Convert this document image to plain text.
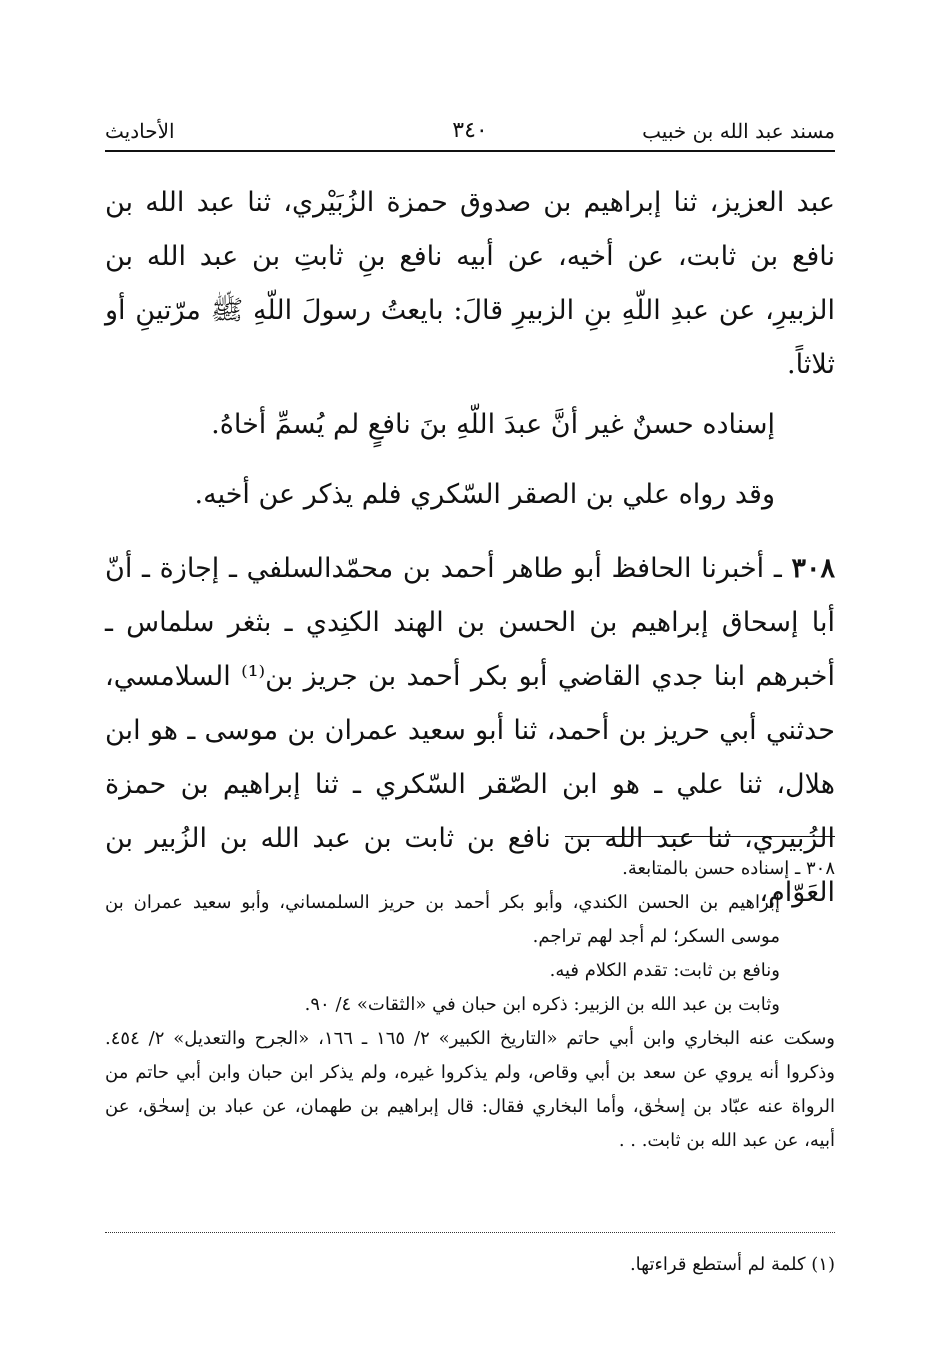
مسند عبد الله بن خبيب
٣٤٠
الأحاديث

عبد العزيز، ثنا إبراهيم بن صدوق حمزة الزُبَيْري، ثنا عبد الله بن نافع بن ثابت، عن أخيه، عن أبيه نافع بنِ ثابتِ بن عبد الله بن الزبيرِ، عن عبدِ اللّهِ بنِ الزبيرِ قالَ: بايعتُ رسولَ اللّهِ ﷺ مرّتينِ أو ثلاثاً.

إسناده حسنٌ غير أنَّ عبدَ اللّهِ بنَ نافعٍ لم يُسمِّ أخاهُ.

وقد رواه علي بن الصقر السّكري فلم يذكر عن أخيه.

٣٠٨ ـ أخبرنا الحافظ أبو طاهر أحمد بن محمّدالسلفي ـ إجازة ـ أنّ أبا إسحاق إبراهيم بن الحسن بن الهند الكنِدي ـ بثغر سلماس ـ أخبرهم ابنا جدي القاضي أبو بكر أحمد بن جريز بن⁽¹⁾ السلامسي، حدثني أبي حريز بن أحمد، ثنا أبو سعيد عمران بن موسى ـ هو ابن هلال، ثنا علي ـ هو ابن الصّقر السّكري ـ ثنا إبراهيم بن حمزة الزُبيري، ثنا عبد الله بن نافع بن ثابت بن عبد الله بن الزُبير بن العَوّام،

٣٠٨ ـ إسناده حسن بالمتابعة.

إبراهيم بن الحسن الكندي، وأبو بكر أحمد بن حريز السلمساني، وأبو سعيد عمران بن موسى السكر؛ لم أجد لهم تراجم.

ونافع بن ثابت: تقدم الكلام فيه.

وثابت بن عبد الله بن الزبير: ذكره ابن حبان في «الثقات» ٤/ ٩٠.

وسكت عنه البخاري وابن أبي حاتم «التاريخ الكبير» ٢/ ١٦٥ ـ ١٦٦، «الجرح والتعديل» ٢/ ٤٥٤. وذكروا أنه يروي عن سعد بن أبي وقاص، ولم يذكروا غيره، ولم يذكر ابن حبان وابن أبي حاتم من الرواة عنه عبّاد بن إسحٰق، وأما البخاري فقال: قال إبراهيم بن طهمان، عن عباد بن إسحٰق، عن أبيه، عن عبد الله بن ثابت. . .

(١) كلمة لم أستطع قراءتها.
